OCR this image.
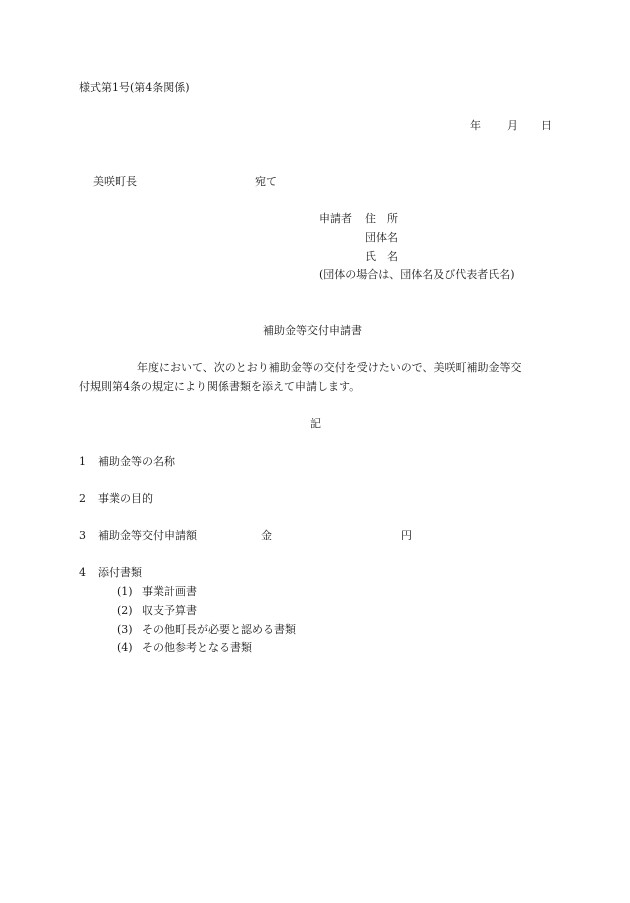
様式第1号(第4条関係)
年 月 日
美咲町長	宛て
申請者 住　所
団体名
氏　名
(団体の場合は、団体名及び代表者氏名)
補助金等交付申請書
年度において、次のとおり補助金等の交付を受けたいので、美咲町補助金等交
付規則第4条の規定により関係書類を添えて申請します。
記
1 補助金等の名称
2 事業の目的
3 補助金等交付申請額	金	円
4 添付書類
(1) 事業計画書
(2) 収支予算書
(3) その他町長が必要と認める書類
(4) その他参考となる書類
